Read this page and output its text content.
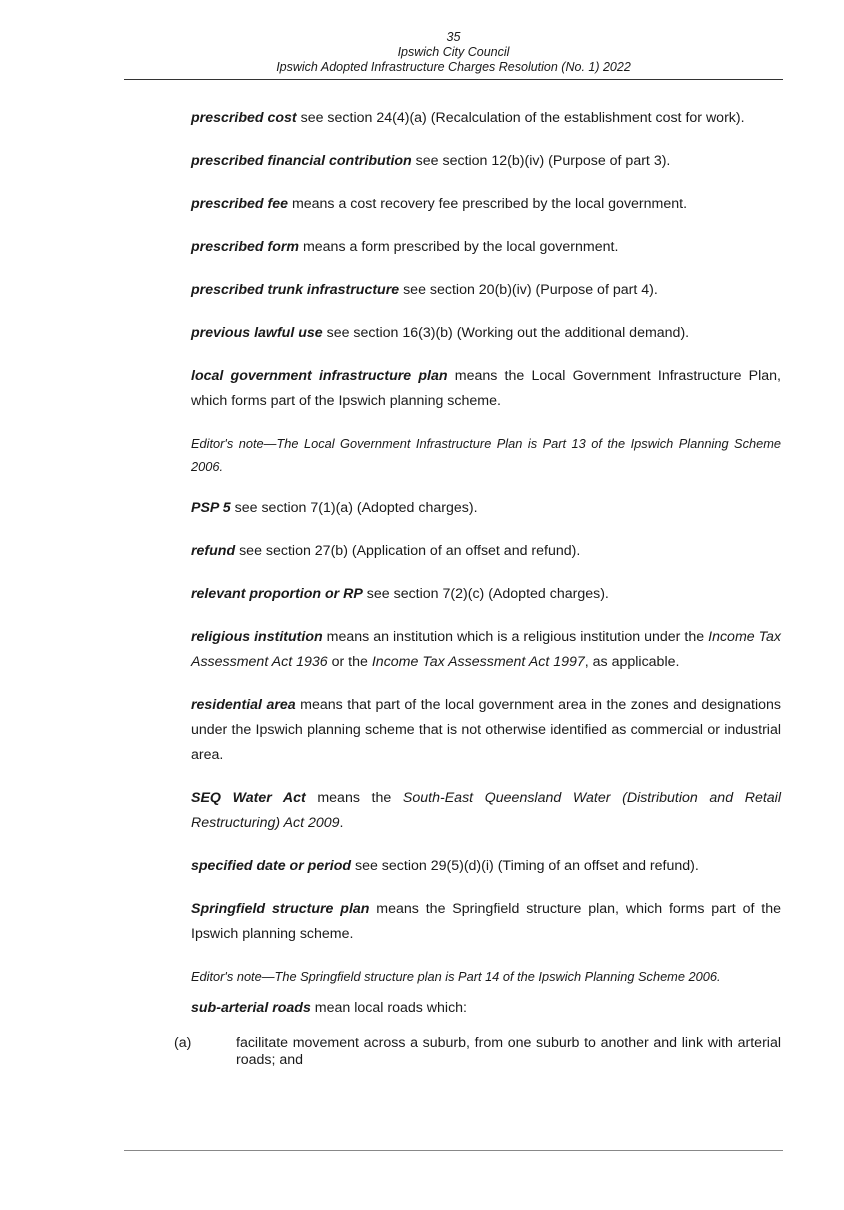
35
Ipswich City Council
Ipswich Adopted Infrastructure Charges Resolution (No. 1) 2022

prescribed cost see section 24(4)(a) (Recalculation of the establishment cost for work).

prescribed financial contribution see section 12(b)(iv) (Purpose of part 3).

prescribed fee means a cost recovery fee prescribed by the local government.

prescribed form means a form prescribed by the local government.

prescribed trunk infrastructure see section 20(b)(iv) (Purpose of part 4).

previous lawful use see section 16(3)(b) (Working out the additional demand).

local government infrastructure plan means the Local Government Infrastructure Plan, which forms part of the Ipswich planning scheme.

Editor's note—The Local Government Infrastructure Plan is Part 13 of the Ipswich Planning Scheme 2006.

PSP 5 see section 7(1)(a) (Adopted charges).

refund see section 27(b) (Application of an offset and refund).

relevant proportion or RP see section 7(2)(c) (Adopted charges).

religious institution means an institution which is a religious institution under the Income Tax Assessment Act 1936 or the Income Tax Assessment Act 1997, as applicable.

residential area means that part of the local government area in the zones and designations under the Ipswich planning scheme that is not otherwise identified as commercial or industrial area.

SEQ Water Act means the South-East Queensland Water (Distribution and Retail Restructuring) Act 2009.

specified date or period see section 29(5)(d)(i) (Timing of an offset and refund).

Springfield structure plan means the Springfield structure plan, which forms part of the Ipswich planning scheme.

Editor's note—The Springfield structure plan is Part 14 of the Ipswich Planning Scheme 2006.

sub-arterial roads mean local roads which:

(a)	facilitate movement across a suburb, from one suburb to another and link with arterial roads; and
